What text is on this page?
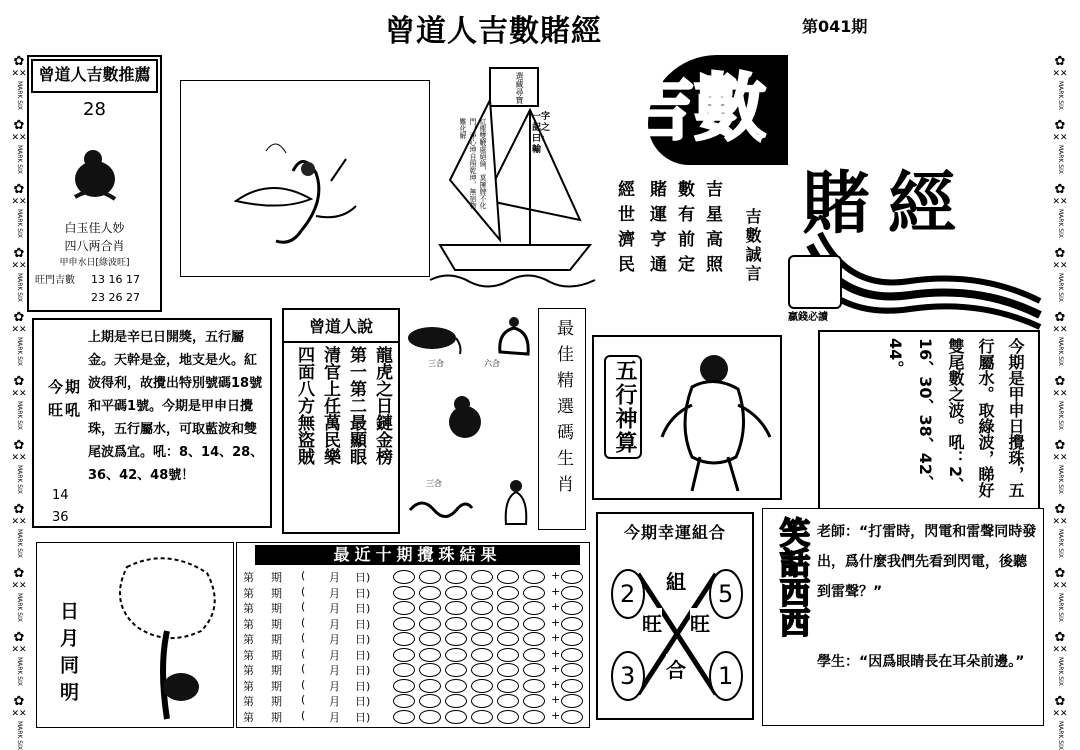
曾道人吉數賭經	第041期
✿
✕✕
MARK SIX
✿
✕✕
MARK SIX
✿
✕✕
MARK SIX
✿
✕✕
MARK SIX
✿
✕✕
MARK SIX
✿
✕✕
MARK SIX
✿
✕✕
MARK SIX
✿
✕✕
MARK SIX
✿
✕✕
MARK SIX
✿
✕✕
MARK SIX
✿
✕✕
MARK SIX
✿
✕✕
MARK SIX
✿
✕✕
MARK SIX
✿
✕✕
MARK SIX
✿
✕✕
MARK SIX
✿
✕✕
MARK SIX
✿
✕✕
MARK SIX
✿
✕✕
MARK SIX
✿
✕✕
MARK SIX
✿
✕✕
MARK SIX
✿
✕✕
MARK SIX
✿
✕✕
MARK SIX
曾道人吉數推薦
28
白玉佳人妙
四八两合肖
甲申水日[綠波旺]
旺門吉數 13 16 17
23 26 27
選藏尋寶
一字記之曰：輸
紅塵雙鞭處絕倫，莫擁牌不化門，淨心坤自照乾坤，無宿物難化解 吉數
吉星高照
數有前定
賭運亨通
經世濟民	吉數誠言
賭經
贏錢必讀
今期旺吼
上期是辛巳日開獎，五行屬金。天幹是金，地支是火。紅波得利，故攪出特別號碼18號和平碼1號。今期是甲申日攪珠，五行屬水，可取藍波和雙尾波爲宜。吼：8、14、28、36、42、48號！
14
36
曾道人說
龍虎之日鏈金榜
第一第二最顯眼
清官上任萬民樂
四面八方無盜賊	三合	六合
三合	最佳精選碼生肖	五行神算	今期是甲申日攪珠，五行屬水。取綠波，睇好雙尾數之波。吼：2、16、30、38、42、44。
最近十期攪珠結果
第 期 ( 月 日)	+
第 期 ( 月 日)	+
第 期 ( 月 日)	+
第 期 ( 月 日)	+
第 期 ( 月 日)	+
第 期 ( 月 日)	+
第 期 ( 月 日)	+
第 期 ( 月 日)	+
第 期 ( 月 日)	+
第 期 ( 月 日)	+
日月同明
今期幸運組合
2	5
3	1
組
旺 旺
合
笑話西西 老師：“打雷時，閃電和雷聲同時發出，爲什麼我們先看到閃電，後聽到雷聲？”
學生：“因爲眼睛長在耳朵前邊。”
